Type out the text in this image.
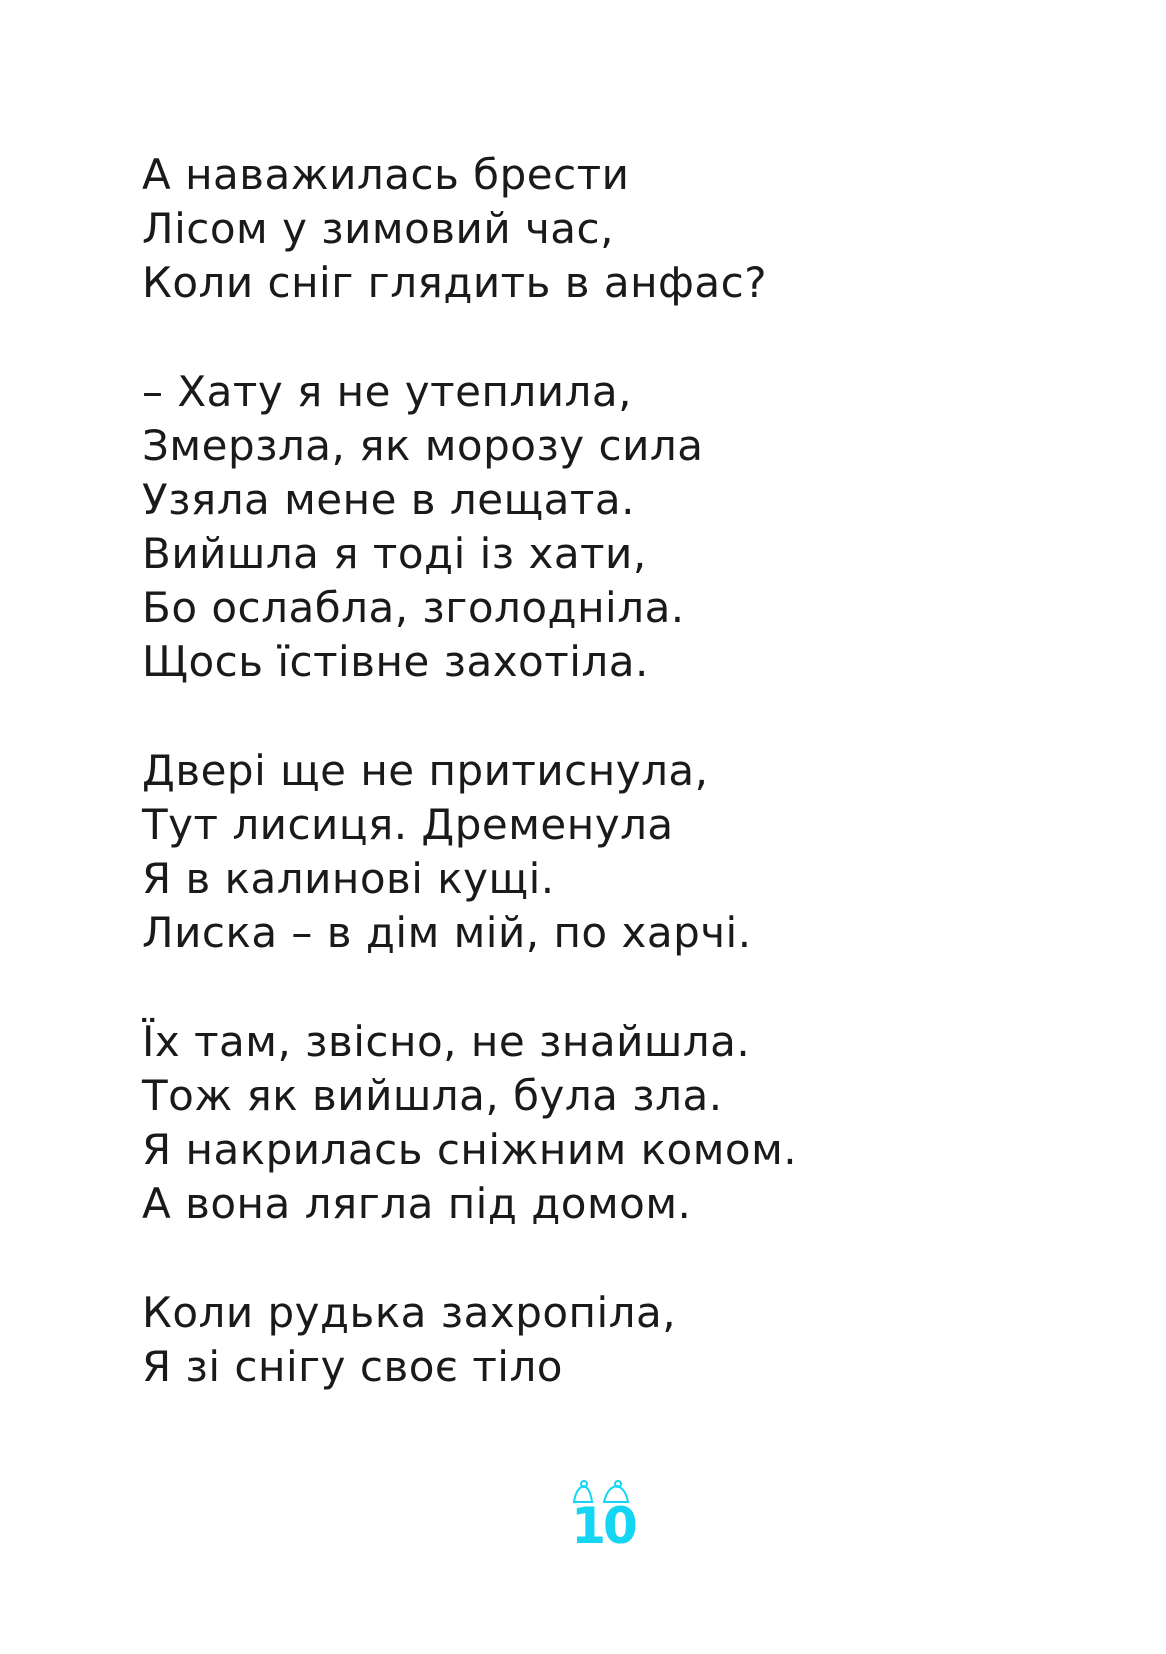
А наважилась брести
Лісом у зимовий час,
Коли сніг глядить в анфас?
– Хату я не утеплила,
Змерзла, як морозу сила
Узяла мене в лещата.
Вийшла я тоді із хати,
Бо ослабла, зголодніла.
Щось їстівне захотіла.
Двері ще не притиснула,
Тут лисиця. Дременула
Я в калинові кущі.
Лиска – в дім мій, по харчі.
Їх там, звісно, не знайшла.
Тож як вийшла, була зла.
Я накрилась сніжним комом.
А вона лягла під домом.
Коли рудька захропіла,
Я зі снігу своє тіло
10
